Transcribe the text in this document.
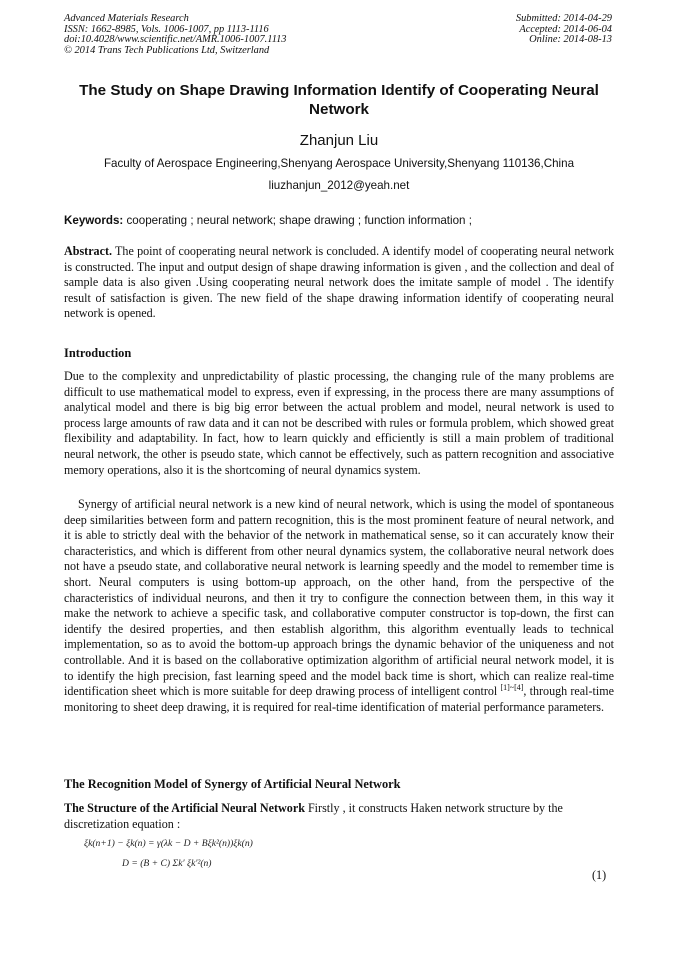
Advanced Materials Research
ISSN: 1662-8985, Vols. 1006-1007, pp 1113-1116
doi:10.4028/www.scientific.net/AMR.1006-1007.1113
© 2014 Trans Tech Publications Ltd, Switzerland
Submitted: 2014-04-29
Accepted: 2014-06-04
Online: 2014-08-13
The Study on Shape Drawing Information Identify of Cooperating Neural Network
Zhanjun Liu
Faculty of Aerospace Engineering,Shenyang Aerospace University,Shenyang 110136,China
liuzhanjun_2012@yeah.net
Keywords: cooperating ; neural network; shape drawing ; function information ;
Abstract. The point of cooperating neural network is concluded. A identify model of cooperating neural network is constructed. The input and output design of shape drawing information is given , and the collection and deal of sample data is also given .Using cooperating neural network does the imitate sample of model . The identify result of satisfaction is given. The new field of the shape drawing information identify of cooperating neural network is opened.
Introduction
Due to the complexity and unpredictability of plastic processing, the changing rule of the many problems are difficult to use mathematical model to express, even if expressing, in the process there are many assumptions of analytical model and there is big big error between the actual problem and model, neural network is used to process large amounts of raw data and it can not be described with rules or formula problem, which showed great flexibility and adaptability. In fact, how to learn quickly and efficiently is still a main problem of traditional neural network, the other is pseudo state, which cannot be effectively, such as pattern recognition and associative memory operations, also it is the shortcoming of neural dynamics system.
Synergy of artificial neural network is a new kind of neural network, which is using the model of spontaneous deep similarities between form and pattern recognition, this is the most prominent feature of neural network, and it is able to strictly deal with the behavior of the network in mathematical sense, so it can accurately know their characteristics, and which is different from other neural dynamics system, the collaborative neural network does not have a pseudo state, and collaborative neural network is learning speedly and the model to remember time is short. Neural computers is using bottom-up approach, on the other hand, from the perspective of the characteristics of individual neurons, and then it try to configure the connection between them, in this way it make the network to achieve a specific task, and collaborative computer constructor is top-down, the first can identify the desired properties, and then establish algorithm, this algorithm eventually leads to technical implementation, so as to avoid the bottom-up approach brings the dynamic behavior of the uniqueness and not controllable. And it is based on the collaborative optimization algorithm of artificial neural network model, it is to identify the high precision, fast learning speed and the model back time is short, which can realize real-time identification sheet which is more suitable for deep drawing process of intelligent control [1]~[4], through real-time monitoring to sheet deep drawing, it is required for real-time identification of material performance parameters.
The Recognition Model of Synergy of Artificial Neural Network
The Structure of the Artificial Neural Network Firstly , it constructs Haken network structure by the discretization equation :
ξk(n+1) − ξk(n) = γ(λk − D + Bξk²(n))ξk(n)
D = (B + C) Σk′ ξk′²(n)
(1)
